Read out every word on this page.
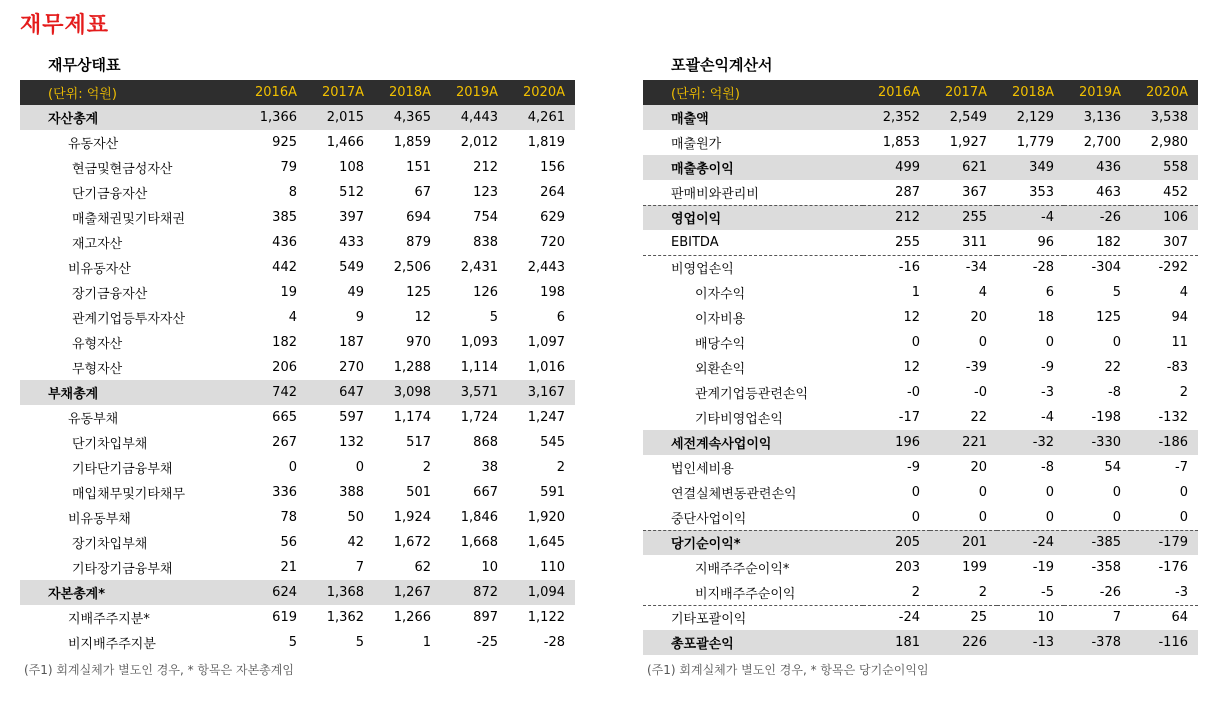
재무제표
재무상태표
(단위: 억원)	2016A	2017A	2018A	2019A	2020A
자산총계	1,366	2,015	4,365	4,443	4,261
유동자산	925	1,466	1,859	2,012	1,819
현금및현금성자산	79	108	151	212	156
단기금융자산	8	512	67	123	264
매출채권및기타채권	385	397	694	754	629
재고자산	436	433	879	838	720
비유동자산	442	549	2,506	2,431	2,443
장기금융자산	19	49	125	126	198
관계기업등투자자산	4	9	12	5	6
유형자산	182	187	970	1,093	1,097
무형자산	206	270	1,288	1,114	1,016
부채총계	742	647	3,098	3,571	3,167
유동부채	665	597	1,174	1,724	1,247
단기차입부채	267	132	517	868	545
기타단기금융부채	0	0	2	38	2
매입채무및기타채무	336	388	501	667	591
비유동부채	78	50	1,924	1,846	1,920
장기차입부채	56	42	1,672	1,668	1,645
기타장기금융부채	21	7	62	10	110
자본총계*	624	1,368	1,267	872	1,094
지배주주지분*	619	1,362	1,266	897	1,122
비지배주주지분	5	5	1	-25	-28
(주1) 회계실체가 별도인 경우, * 항목은 자본총계임
포괄손익계산서
(단위: 억원)	2016A	2017A	2018A	2019A	2020A
매출액	2,352	2,549	2,129	3,136	3,538
매출원가	1,853	1,927	1,779	2,700	2,980
매출총이익	499	621	349	436	558
판매비와관리비	287	367	353	463	452
영업이익	212	255	-4	-26	106
EBITDA	255	311	96	182	307
비영업손익	-16	-34	-28	-304	-292
이자수익	1	4	6	5	4
이자비용	12	20	18	125	94
배당수익	0	0	0	0	11
외환손익	12	-39	-9	22	-83
관계기업등관련손익	-0	-0	-3	-8	2
기타비영업손익	-17	22	-4	-198	-132
세전계속사업이익	196	221	-32	-330	-186
법인세비용	-9	20	-8	54	-7
연결실체변동관련손익	0	0	0	0	0
중단사업이익	0	0	0	0	0
당기순이익*	205	201	-24	-385	-179
지배주주순이익*	203	199	-19	-358	-176
비지배주주순이익	2	2	-5	-26	-3
기타포괄이익	-24	25	10	7	64
총포괄손익	181	226	-13	-378	-116
(주1) 회계실체가 별도인 경우, * 항목은 당기순이익임
